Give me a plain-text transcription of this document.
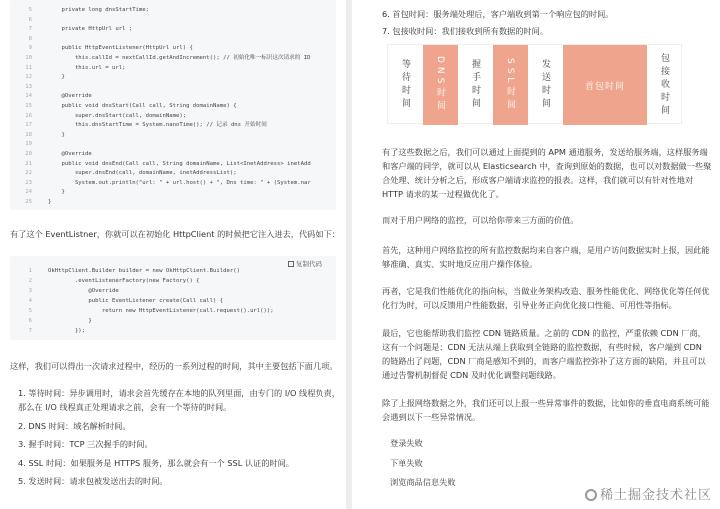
5	private long dnsStartTime;
6
7	private HttpUrl url ;
8
9	public HttpEventListener(HttpUrl url) {
10	this.callId = nextCallId.getAndIncrement(); // 初始化唯一标识这次请求的 ID
11	this.url = url;
12	}
13
14	@Override
15	public void dnsStart(Call call, String domainName) {
16	super.dnsStart(call, domainName);
17	this.dnsStartTime = System.nanoTime(); // 记录 dns 开始时间
18	}
19
20	@Override
21	public void dnsEnd(Call call, String domainName, List<InetAddress> inetAdd
22	super.dnsEnd(call, domainName, inetAddressList);
23	System.out.println("url: " + url.host() + ", Dns time: " + (System.nar
24	}
25	}
有了这个 EventListner，你就可以在初始化 HttpClient 的时候把它注入进去，代码如下：
复制代码
1	OkHttpClient.Builder builder = new OkHttpClient.Builder()
2	.eventListenerFactory(new Factory() {
3	@Override
4	public EventListener create(Call call) {
5	return new HttpEventListener(call.request().url());
6	}
7	});
这样，我们可以得出一次请求过程中，经历的一系列过程的时间，其中主要包括下面几项。
1. 等待时间：异步调用时，请求会首先缓存在本地的队列里面，由专门的 I/O 线程负责，
那么在 I/O 线程真正处理请求之前，会有一个等待的时间。
2. DNS 时间：域名解析时间。
3. 握手时间：TCP 三次握手的时间。
4. SSL 时间：如果服务是 HTTPS 服务，那么就会有一个 SSL 认证的时间。
5. 发送时间：请求包被发送出去的时间。
6. 首包时间：服务端处理后，客户端收到第一个响应包的时间。
7. 包接收时间：我们接收到所有数据的时间。
等待时间	DNS时间	握手时间	SSL时间	发送时间	首包时间	包接收时间
有了这些数据之后，我们可以通过上面提到的 APM 通道服务，发送给服务端，这样服务端
和客户端的同学，就可以从 Elasticsearch 中，查询到原始的数据，也可以对数据做一些聚
合处理、统计分析之后，形成客户端请求监控的报表。这样，我们就可以有针对性地对
HTTP 请求的某一过程做优化了。
而对于用户网络的监控，可以给你带来三方面的价值。
首先，这种用户网络监控的所有监控数据均来自客户端，是用户访问数据实时上报，因此能
够准确、真实、实时地反应用户操作体验。
再者，它是我们性能优化的指向标，当做业务架构改造、服务性能优化、网络优化等任何优
化行为时，可以反馈用户性能数据，引导业务正向优化接口性能、可用性等指标。
最后，它也能帮助我们监控 CDN 链路质量。之前的 CDN 的监控，严重依赖 CDN 厂商，
这有一个问题是：CDN 无法从端上获取到全链路的监控数据，有些时候，客户端到 CDN
的链路出了问题，CDN 厂商是感知不到的，而客户端监控弥补了这方面的缺陷，并且可以
通过告警机制督促 CDN 及时优化调整问题线路。
除了上报网络数据之外，我们还可以上报一些异常事件的数据，比如你的垂直电商系统可能
会遇到以下一些异常情况。
登录失败
下单失败
浏览商品信息失败
稀土掘金技术社区
